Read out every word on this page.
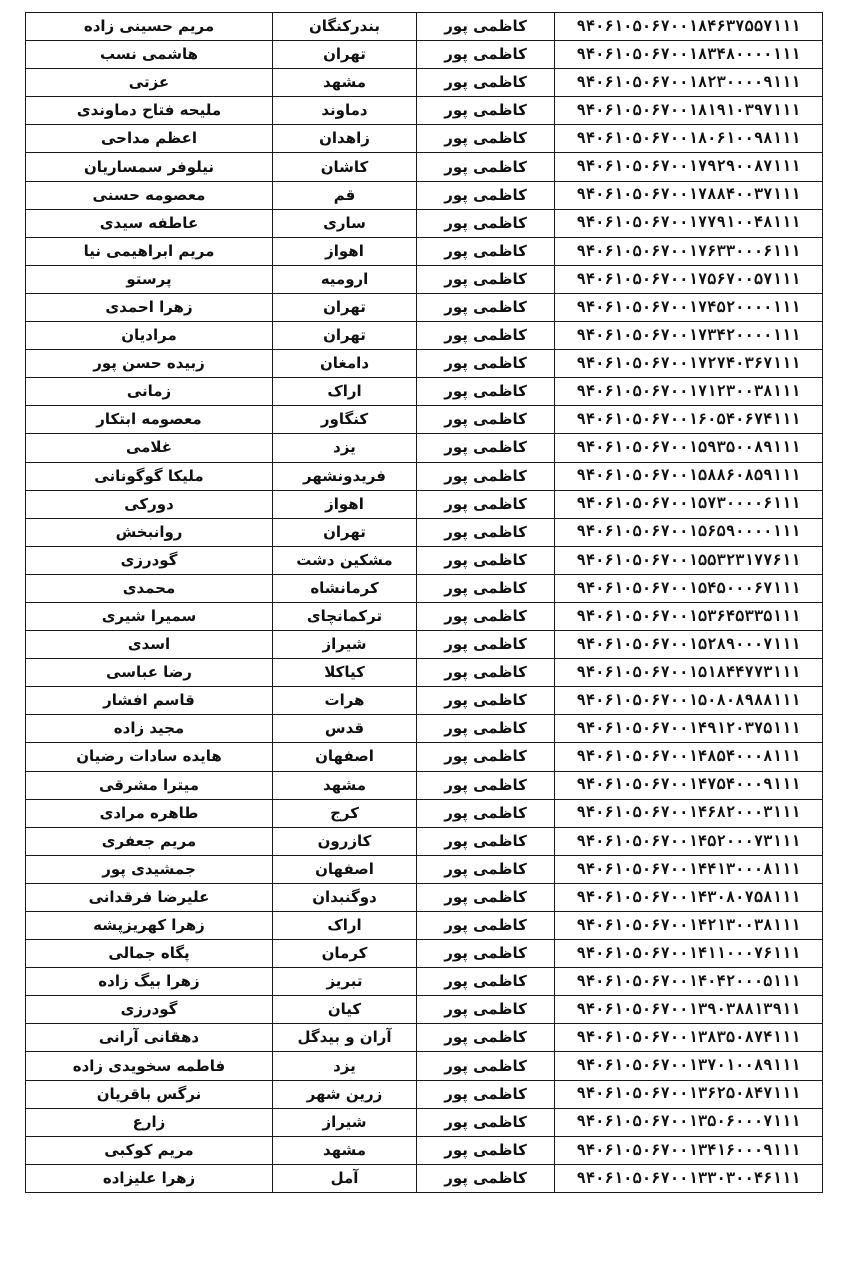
۹۴۰۶۱۰۵۰۶۷۰۰۱۸۴۶۳۷۵۵۷۱۱۱	کاظمی پور	بندرکنگان	مریم حسینی زاده
۹۴۰۶۱۰۵۰۶۷۰۰۱۸۳۴۸۰۰۰۰۱۱۱	کاظمی پور	تهران	هاشمی نسب
۹۴۰۶۱۰۵۰۶۷۰۰۱۸۲۳۰۰۰۰۹۱۱۱	کاظمی پور	مشهد	عزتی
۹۴۰۶۱۰۵۰۶۷۰۰۱۸۱۹۱۰۳۹۷۱۱۱	کاظمی پور	دماوند	ملیحه فتاح دماوندی
۹۴۰۶۱۰۵۰۶۷۰۰۱۸۰۶۱۰۰۹۸۱۱۱	کاظمی پور	زاهدان	اعظم مداحی
۹۴۰۶۱۰۵۰۶۷۰۰۱۷۹۲۹۰۰۸۷۱۱۱	کاظمی پور	کاشان	نیلوفر سمساریان
۹۴۰۶۱۰۵۰۶۷۰۰۱۷۸۸۴۰۰۳۷۱۱۱	کاظمی پور	قم	معصومه حسنی
۹۴۰۶۱۰۵۰۶۷۰۰۱۷۷۹۱۰۰۴۸۱۱۱	کاظمی پور	ساری	عاطفه سیدی
۹۴۰۶۱۰۵۰۶۷۰۰۱۷۶۳۳۰۰۰۶۱۱۱	کاظمی پور	اهواز	مریم ابراهیمی نیا
۹۴۰۶۱۰۵۰۶۷۰۰۱۷۵۶۷۰۰۵۷۱۱۱	کاظمی پور	ارومیه	پرستو
۹۴۰۶۱۰۵۰۶۷۰۰۱۷۴۵۲۰۰۰۰۱۱۱	کاظمی پور	تهران	زهرا احمدی
۹۴۰۶۱۰۵۰۶۷۰۰۱۷۳۴۲۰۰۰۰۱۱۱	کاظمی پور	تهران	مرادیان
۹۴۰۶۱۰۵۰۶۷۰۰۱۷۲۷۴۰۳۶۷۱۱۱	کاظمی پور	دامغان	زبیده حسن پور
۹۴۰۶۱۰۵۰۶۷۰۰۱۷۱۲۳۰۰۳۸۱۱۱	کاظمی پور	اراک	زمانی
۹۴۰۶۱۰۵۰۶۷۰۰۱۶۰۵۴۰۶۷۴۱۱۱	کاظمی پور	کنگاور	معصومه ابتکار
۹۴۰۶۱۰۵۰۶۷۰۰۱۵۹۳۵۰۰۸۹۱۱۱	کاظمی پور	یزد	غلامی
۹۴۰۶۱۰۵۰۶۷۰۰۱۵۸۸۶۰۸۵۹۱۱۱	کاظمی پور	فریدونشهر	ملیکا گوگونانی
۹۴۰۶۱۰۵۰۶۷۰۰۱۵۷۳۰۰۰۰۶۱۱۱	کاظمی پور	اهواز	دورکی
۹۴۰۶۱۰۵۰۶۷۰۰۱۵۶۵۹۰۰۰۰۱۱۱	کاظمی پور	تهران	روانبخش
۹۴۰۶۱۰۵۰۶۷۰۰۱۵۵۳۲۳۱۷۷۶۱۱	کاظمی پور	مشکین دشت	گودرزی
۹۴۰۶۱۰۵۰۶۷۰۰۱۵۴۵۰۰۰۶۷۱۱۱	کاظمی پور	کرمانشاه	محمدی
۹۴۰۶۱۰۵۰۶۷۰۰۱۵۳۶۴۵۳۳۵۱۱۱	کاظمی پور	ترکمانچای	سمیرا شیری
۹۴۰۶۱۰۵۰۶۷۰۰۱۵۲۸۹۰۰۰۷۱۱۱	کاظمی پور	شیراز	اسدی
۹۴۰۶۱۰۵۰۶۷۰۰۱۵۱۸۴۴۷۷۳۱۱۱	کاظمی پور	کیاکلا	رضا عباسی
۹۴۰۶۱۰۵۰۶۷۰۰۱۵۰۸۰۸۹۸۸۱۱۱	کاظمی پور	هرات	قاسم افشار
۹۴۰۶۱۰۵۰۶۷۰۰۱۴۹۱۲۰۳۷۵۱۱۱	کاظمی پور	قدس	مجید زاده
۹۴۰۶۱۰۵۰۶۷۰۰۱۴۸۵۴۰۰۰۸۱۱۱	کاظمی پور	اصفهان	هایده سادات رضیان
۹۴۰۶۱۰۵۰۶۷۰۰۱۴۷۵۴۰۰۰۹۱۱۱	کاظمی پور	مشهد	میترا مشرقی
۹۴۰۶۱۰۵۰۶۷۰۰۱۴۶۸۲۰۰۰۳۱۱۱	کاظمی پور	کرج	طاهره مرادی
۹۴۰۶۱۰۵۰۶۷۰۰۱۴۵۲۰۰۰۷۳۱۱۱	کاظمی پور	کازرون	مریم جعفری
۹۴۰۶۱۰۵۰۶۷۰۰۱۴۴۱۳۰۰۰۸۱۱۱	کاظمی پور	اصفهان	جمشیدی پور
۹۴۰۶۱۰۵۰۶۷۰۰۱۴۳۰۸۰۷۵۸۱۱۱	کاظمی پور	دوگنبدان	علیرضا فرقدانی
۹۴۰۶۱۰۵۰۶۷۰۰۱۴۲۱۳۰۰۳۸۱۱۱	کاظمی پور	اراک	زهرا کهریزپشه
۹۴۰۶۱۰۵۰۶۷۰۰۱۴۱۱۰۰۰۷۶۱۱۱	کاظمی پور	کرمان	پگاه جمالی
۹۴۰۶۱۰۵۰۶۷۰۰۱۴۰۴۲۰۰۰۵۱۱۱	کاظمی پور	تبریز	زهرا بیگ زاده
۹۴۰۶۱۰۵۰۶۷۰۰۱۳۹۰۳۸۸۱۳۹۱۱	کاظمی پور	کیان	گودرزی
۹۴۰۶۱۰۵۰۶۷۰۰۱۳۸۳۵۰۸۷۴۱۱۱	کاظمی پور	آران و بیدگل	دهقانی آرانی
۹۴۰۶۱۰۵۰۶۷۰۰۱۳۷۰۱۰۰۸۹۱۱۱	کاظمی پور	یزد	فاطمه سخویدی زاده
۹۴۰۶۱۰۵۰۶۷۰۰۱۳۶۲۵۰۸۴۷۱۱۱	کاظمی پور	زرین شهر	نرگس باقریان
۹۴۰۶۱۰۵۰۶۷۰۰۱۳۵۰۶۰۰۰۷۱۱۱	کاظمی پور	شیراز	زارع
۹۴۰۶۱۰۵۰۶۷۰۰۱۳۴۱۶۰۰۰۹۱۱۱	کاظمی پور	مشهد	مریم کوکبی
۹۴۰۶۱۰۵۰۶۷۰۰۱۳۳۰۳۰۰۴۶۱۱۱	کاظمی پور	آمل	زهرا علیزاده
